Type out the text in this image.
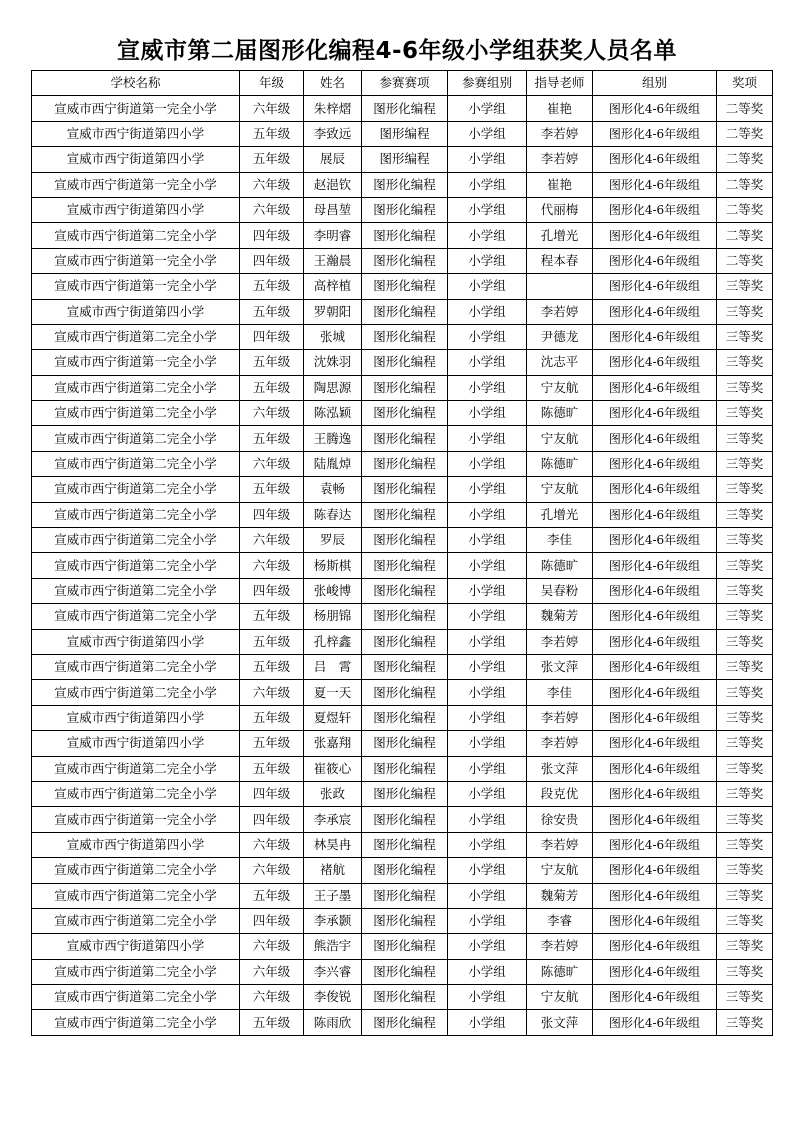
宣威市第二届图形化编程4-6年级小学组获奖人员名单
学校名称	年级	姓名	参赛赛项	参赛组别	指导老师	组别	奖项
宣威市西宁街道第一完全小学	六年级	朱梓熠	图形化编程	小学组	崔艳	图形化4-6年级组	二等奖
宣威市西宁街道第四小学	五年级	李致远	图形编程	小学组	李若婷	图形化4-6年级组	二等奖
宣威市西宁街道第四小学	五年级	展辰	图形编程	小学组	李若婷	图形化4-6年级组	二等奖
宣威市西宁街道第一完全小学	六年级	赵浥钦	图形化编程	小学组	崔艳	图形化4-6年级组	二等奖
宣威市西宁街道第四小学	六年级	母昌堃	图形化编程	小学组	代丽梅	图形化4-6年级组	二等奖
宣威市西宁街道第二完全小学	四年级	李明睿	图形化编程	小学组	孔增光	图形化4-6年级组	二等奖
宣威市西宁街道第一完全小学	四年级	王瀚晨	图形化编程	小学组	程本春	图形化4-6年级组	二等奖
宣威市西宁街道第一完全小学	五年级	高梓植	图形化编程	小学组		图形化4-6年级组	三等奖
宣威市西宁街道第四小学	五年级	罗朝阳	图形化编程	小学组	李若婷	图形化4-6年级组	三等奖
宣威市西宁街道第二完全小学	四年级	张城	图形化编程	小学组	尹德龙	图形化4-6年级组	三等奖
宣威市西宁街道第一完全小学	五年级	沈姝羽	图形化编程	小学组	沈志平	图形化4-6年级组	三等奖
宣威市西宁街道第二完全小学	五年级	陶思源	图形化编程	小学组	宁友航	图形化4-6年级组	三等奖
宣威市西宁街道第二完全小学	六年级	陈泓颖	图形化编程	小学组	陈德旷	图形化4-6年级组	三等奖
宣威市西宁街道第二完全小学	五年级	王腾逸	图形化编程	小学组	宁友航	图形化4-6年级组	三等奖
宣威市西宁街道第二完全小学	六年级	陆胤焯	图形化编程	小学组	陈德旷	图形化4-6年级组	三等奖
宣威市西宁街道第二完全小学	五年级	袁畅	图形化编程	小学组	宁友航	图形化4-6年级组	三等奖
宣威市西宁街道第二完全小学	四年级	陈春达	图形化编程	小学组	孔增光	图形化4-6年级组	三等奖
宣威市西宁街道第二完全小学	六年级	罗辰	图形化编程	小学组	李佳	图形化4-6年级组	三等奖
宣威市西宁街道第二完全小学	六年级	杨斯棋	图形化编程	小学组	陈德旷	图形化4-6年级组	三等奖
宣威市西宁街道第二完全小学	四年级	张峻博	图形化编程	小学组	吴春粉	图形化4-6年级组	三等奖
宣威市西宁街道第二完全小学	五年级	杨朋锦	图形化编程	小学组	魏菊芳	图形化4-6年级组	三等奖
宣威市西宁街道第四小学	五年级	孔梓鑫	图形化编程	小学组	李若婷	图形化4-6年级组	三等奖
宣威市西宁街道第二完全小学	五年级	吕　霄	图形化编程	小学组	张文萍	图形化4-6年级组	三等奖
宣威市西宁街道第二完全小学	六年级	夏一天	图形化编程	小学组	李佳	图形化4-6年级组	三等奖
宣威市西宁街道第四小学	五年级	夏煜轩	图形化编程	小学组	李若婷	图形化4-6年级组	三等奖
宣威市西宁街道第四小学	五年级	张嘉翔	图形化编程	小学组	李若婷	图形化4-6年级组	三等奖
宣威市西宁街道第二完全小学	五年级	崔筱心	图形化编程	小学组	张文萍	图形化4-6年级组	三等奖
宣威市西宁街道第二完全小学	四年级	张政	图形化编程	小学组	段克优	图形化4-6年级组	三等奖
宣威市西宁街道第一完全小学	四年级	李承宸	图形化编程	小学组	徐安贵	图形化4-6年级组	三等奖
宣威市西宁街道第四小学	六年级	林昊冉	图形化编程	小学组	李若婷	图形化4-6年级组	三等奖
宣威市西宁街道第二完全小学	六年级	褚航	图形化编程	小学组	宁友航	图形化4-6年级组	三等奖
宣威市西宁街道第二完全小学	五年级	王子墨	图形化编程	小学组	魏菊芳	图形化4-6年级组	三等奖
宣威市西宁街道第二完全小学	四年级	李承颢	图形化编程	小学组	李睿	图形化4-6年级组	三等奖
宣威市西宁街道第四小学	六年级	熊浩宇	图形化编程	小学组	李若婷	图形化4-6年级组	三等奖
宣威市西宁街道第二完全小学	六年级	李兴睿	图形化编程	小学组	陈德旷	图形化4-6年级组	三等奖
宣威市西宁街道第二完全小学	六年级	李俊锐	图形化编程	小学组	宁友航	图形化4-6年级组	三等奖
宣威市西宁街道第二完全小学	五年级	陈雨欣	图形化编程	小学组	张文萍	图形化4-6年级组	三等奖
